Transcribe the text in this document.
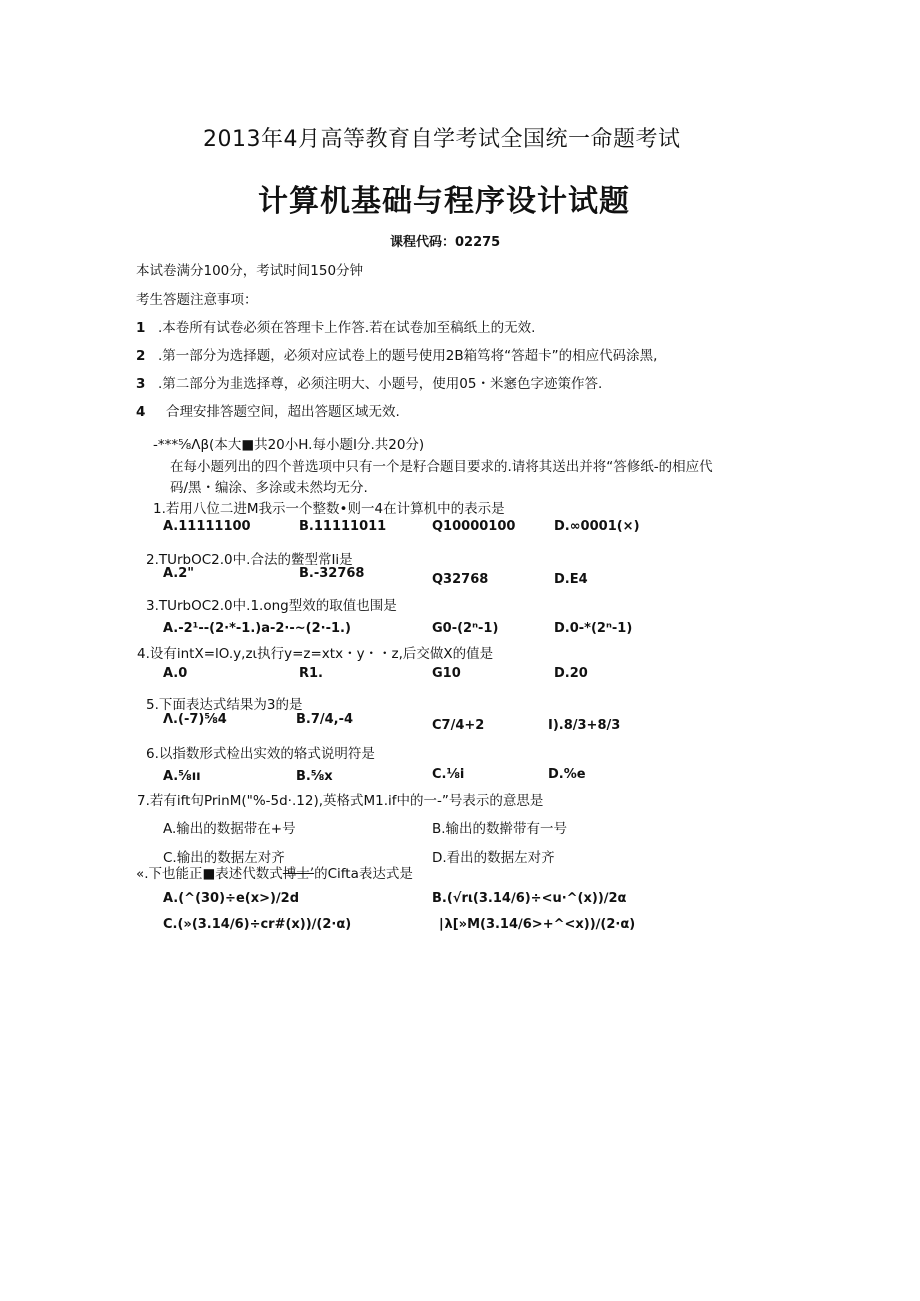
2013年4月高等教育自学考试全国统一命题考试
计算机基础与程序设计试题
课程代码：02275
本试卷满分100分，考试时间150分钟
考生答题注意事项：
1 .本卷所有试卷必须在答理卡上作答.若在试卷加至稿纸上的无效.
2 .第一部分为选择题，必须对应试卷上的题号使用2B箱笃将“答超卡”的相应代码涂黑,
3 .第二部分为韭选择尊，必须注明大、小题号，使用05・米窸色字迹策作答.
4 合理安排答题空间，超出答题区域无效.
-***⅝Λβ(本大■共20小H.每小题I分.共20分)
在每小题列出的四个普选项中只有一个是籽合题目要求的.请将其送出并将“答修纸-的相应代
码/黑・编涂、多涂或未然均无分.
1.若用八位二进M我示一个整数•则一4在计算机中的表示是
A.11111100	B.11111011	Q10000100	D.∞0001(×)
2.TUrbOC2.0中.合法的鳖型常Ii是
A.2"	B.-32768	Q32768	D.E4
3.TUrbOC2.0中.1.ong型效的取值也围是
A.-2¹--(2·*-1.)a-2·-~(2·-1.)	G0-(2ⁿ-1)	D.0-*(2ⁿ-1)
4.设有intX=lO.y,zι执行y=z=xtx・y・・z,后交做X的值是
A.0	R1.	G10	D.20
5.下面表达式结果为3的是
Λ.(-7)⅝4	B.7/4,-4	C7/4+2	I).8/3+8/3
6.以指数形式检出实效的辂式说明符是
A.⅝ıı	B.⅝x	C.⅛i	D.%e
7.若有ift句PrinM("%-5d·.12),英格式M1.if中的一-”号表示的意思是
A.输出的数据带在+号	B.输出的数擀带有一号
C.输出的数据左对齐	D.看出的数据左对齐
«.下也能正■表述代数式博士’的Cifta表达式是
A.(^(30)÷e(x>)∕2d	B.(√rι(3.14∕6)÷<u·^(x))∕2α
C.(»(3.14∕6)÷cr#(x))∕(2·α)	∣λ[»M(3.14∕6>+^<x))∕(2·α)
